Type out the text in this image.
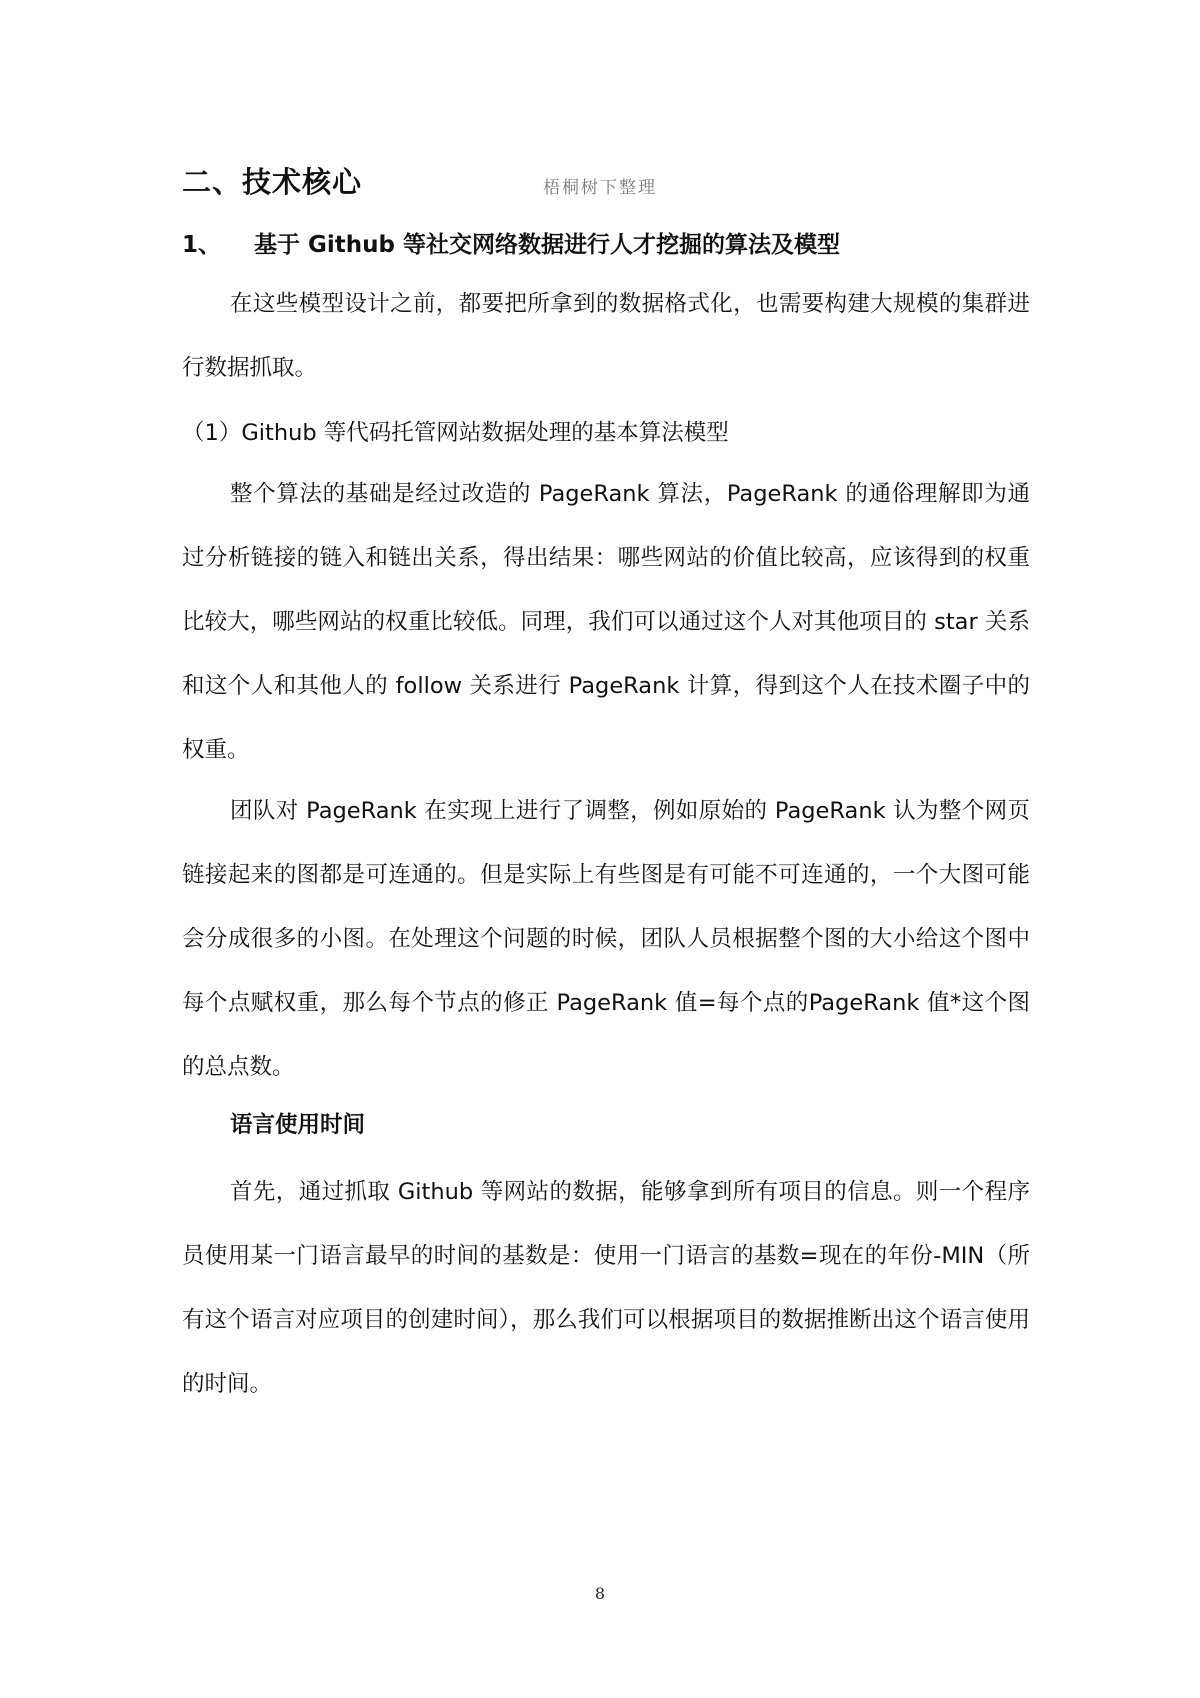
二、技术核心	梧桐树下整理
1、 基于 Github 等社交网络数据进行人才挖掘的算法及模型

在这些模型设计之前，都要把所拿到的数据格式化，也需要构建大规模的集群进行数据抓取。

（1）Github 等代码托管网站数据处理的基本算法模型

整个算法的基础是经过改造的 PageRank 算法，PageRank 的通俗理解即为通过分析链接的链入和链出关系，得出结果：哪些网站的价值比较高，应该得到的权重比较大，哪些网站的权重比较低。同理，我们可以通过这个人对其他项目的 star 关系和这个人和其他人的 follow 关系进行 PageRank 计算，得到这个人在技术圈子中的权重。

团队对 PageRank 在实现上进行了调整，例如原始的 PageRank 认为整个网页链接起来的图都是可连通的。但是实际上有些图是有可能不可连通的，一个大图可能会分成很多的小图。在处理这个问题的时候，团队人员根据整个图的大小给这个图中每个点赋权重，那么每个节点的修正 PageRank 值=每个点的PageRank 值*这个图的总点数。

语言使用时间

首先，通过抓取 Github 等网站的数据，能够拿到所有项目的信息。则一个程序员使用某一门语言最早的时间的基数是：使用一门语言的基数=现在的年份-MIN（所有这个语言对应项目的创建时间），那么我们可以根据项目的数据推断出这个语言使用的时间。

8
